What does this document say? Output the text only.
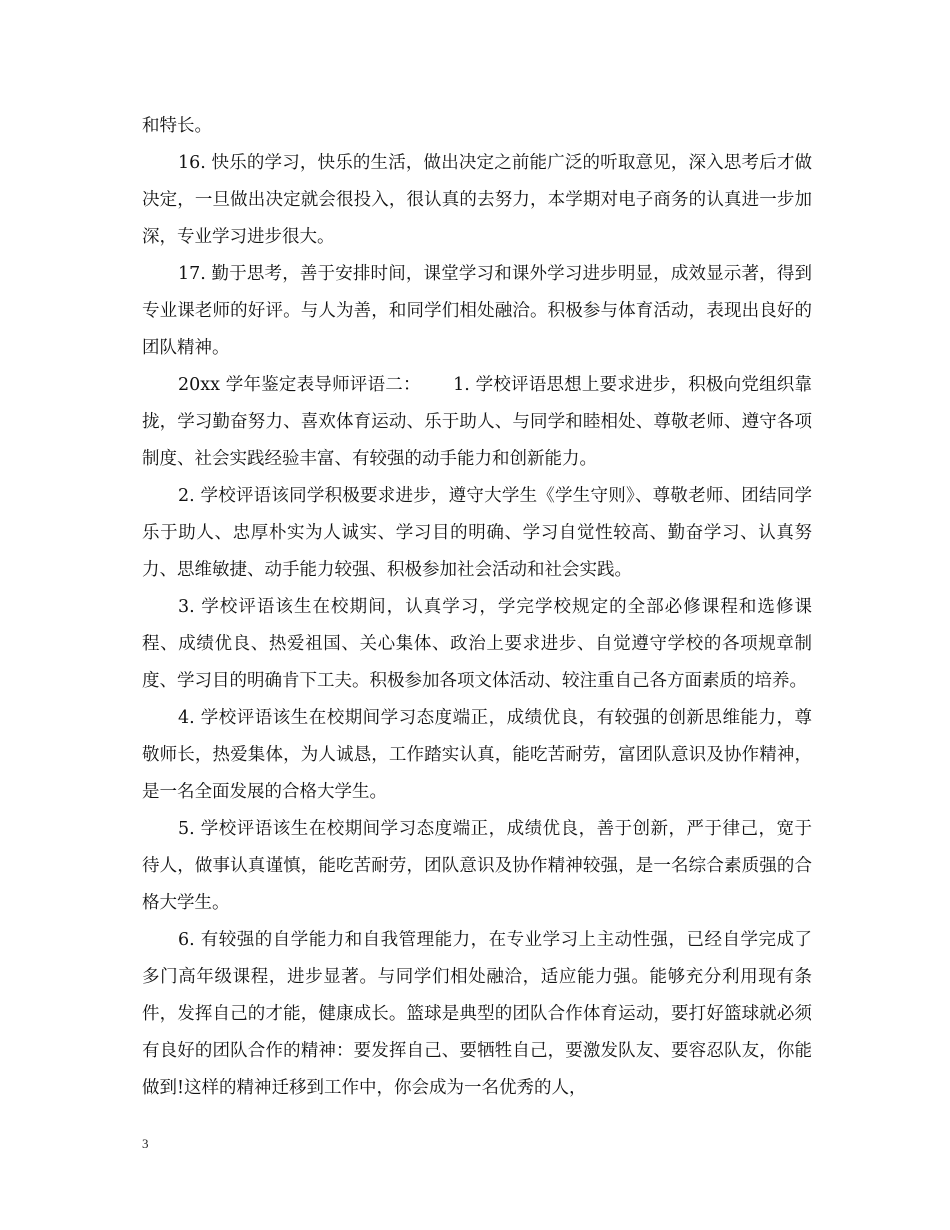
和特长。

16. 快乐的学习，快乐的生活，做出决定之前能广泛的听取意见，深入思考后才做决定，一旦做出决定就会很投入，很认真的去努力，本学期对电子商务的认真进一步加深，专业学习进步很大。

17. 勤于思考，善于安排时间，课堂学习和课外学习进步明显，成效显示著，得到专业课老师的好评。与人为善，和同学们相处融洽。积极参与体育活动，表现出良好的团队精神。

20xx 学年鉴定表导师评语二：　　 1. 学校评语思想上要求进步，积极向党组织靠拢，学习勤奋努力、喜欢体育运动、乐于助人、与同学和睦相处、尊敬老师、遵守各项制度、社会实践经验丰富、有较强的动手能力和创新能力。

2. 学校评语该同学积极要求进步，遵守大学生《学生守则》、尊敬老师、团结同学乐于助人、忠厚朴实为人诚实、学习目的明确、学习自觉性较高、勤奋学习、认真努力、思维敏捷、动手能力较强、积极参加社会活动和社会实践。

3. 学校评语该生在校期间，认真学习，学完学校规定的全部必修课程和选修课程、成绩优良、热爱祖国、关心集体、政治上要求进步、自觉遵守学校的各项规章制度、学习目的明确肯下工夫。积极参加各项文体活动、较注重自己各方面素质的培养。

4. 学校评语该生在校期间学习态度端正，成绩优良，有较强的创新思维能力，尊敬师长，热爱集体，为人诚恳，工作踏实认真，能吃苦耐劳，富团队意识及协作精神，是一名全面发展的合格大学生。

5. 学校评语该生在校期间学习态度端正，成绩优良，善于创新，严于律己，宽于待人，做事认真谨慎，能吃苦耐劳，团队意识及协作精神较强，是一名综合素质强的合格大学生。

6. 有较强的自学能力和自我管理能力，在专业学习上主动性强，已经自学完成了多门高年级课程，进步显著。与同学们相处融洽，适应能力强。能够充分利用现有条件，发挥自己的才能，健康成长。篮球是典型的团队合作体育运动，要打好篮球就必须有良好的团队合作的精神：要发挥自己、要牺牲自己，要激发队友、要容忍队友，你能做到!这样的精神迁移到工作中，你会成为一名优秀的人，

3
